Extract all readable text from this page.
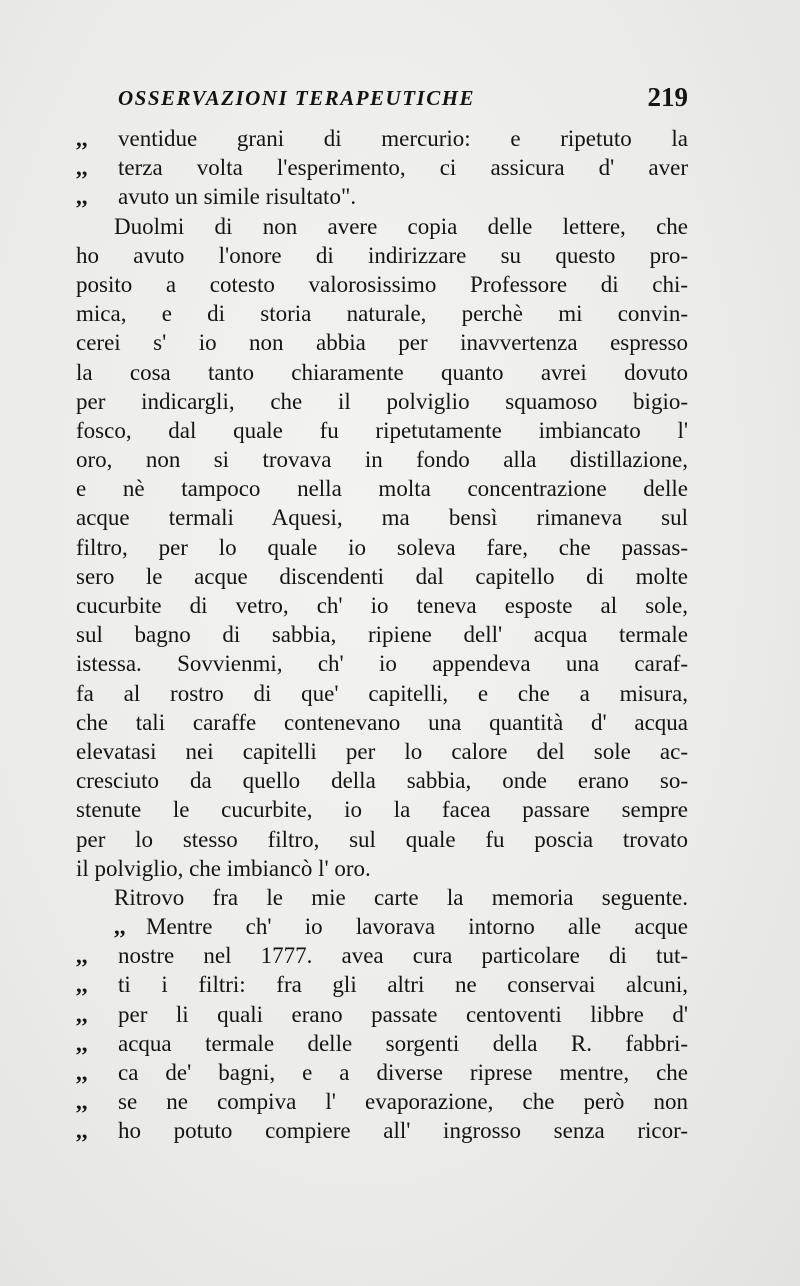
OSSERVAZIONI TERAPEUTICHE	219
,, ventidue grani di mercurio: e ripetuto la
,, terza volta l'esperimento, ci assicura d' aver
,, avuto un simile risultato".
Duolmi di non avere copia delle lettere, che
ho avuto l'onore di indirizzare su questo pro-
posito a cotesto valorosissimo Professore di chi-
mica, e di storia naturale, perchè mi convin-
cerei s' io non abbia per inavvertenza espresso
la cosa tanto chiaramente quanto avrei dovuto
per indicargli, che il polviglio squamoso bigio-
fosco, dal quale fu ripetutamente imbiancato l'
oro, non si trovava in fondo alla distillazione,
e nè tampoco nella molta concentrazione delle
acque termali Aquesi, ma bensì rimaneva sul
filtro, per lo quale io soleva fare, che passas-
sero le acque discendenti dal capitello di molte
cucurbite di vetro, ch' io teneva esposte al sole,
sul bagno di sabbia, ripiene dell' acqua termale
istessa. Sovvienmi, ch' io appendeva una caraf-
fa al rostro di que' capitelli, e che a misura,
che tali caraffe contenevano una quantità d' acqua
elevatasi nei capitelli per lo calore del sole ac-
cresciuto da quello della sabbia, onde erano so-
stenute le cucurbite, io la facea passare sempre
per lo stesso filtro, sul quale fu poscia trovato
il polviglio, che imbiancò l' oro.
Ritrovo fra le mie carte la memoria seguente.
,, Mentre ch' io lavorava intorno alle acque
,, nostre nel 1777. avea cura particolare di tut-
,, ti i filtri: fra gli altri ne conservai alcuni,
,, per li quali erano passate centoventi libbre d'
,, acqua termale delle sorgenti della R. fabbri-
,, ca de' bagni, e a diverse riprese mentre, che
,, se ne compiva l' evaporazione, che però non
,, ho potuto compiere all' ingrosso senza ricor-
